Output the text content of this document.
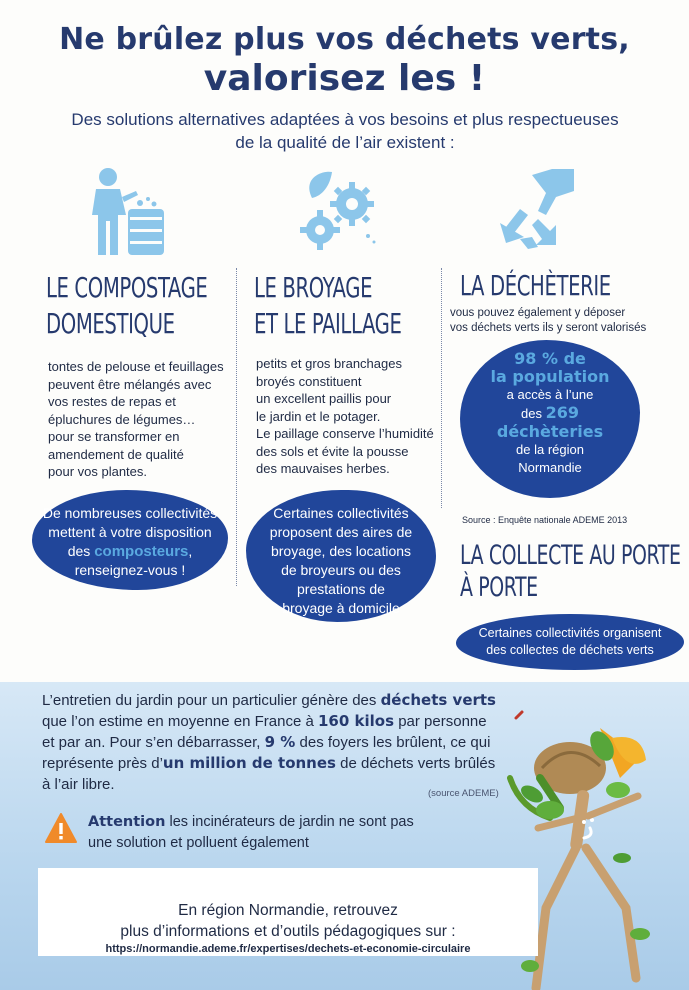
Ne brûlez plus vos déchets verts,
valorisez les !
Des solutions alternatives adaptées à vos besoins et plus respectueuses
de la qualité de l’air existent :
LE COMPOSTAGE
DOMESTIQUE
tontes de pelouse et feuillages
peuvent être mélangés avec
vos restes de repas et
épluchures de légumes…
pour se transformer en
amendement de qualité
pour vos plantes.
De nombreuses collectivités
mettent à votre disposition
des composteurs,
renseignez-vous !
LE BROYAGE
ET LE PAILLAGE
petits et gros branchages
broyés constituent
un excellent paillis pour
le jardin et le potager.
Le paillage conserve l’humidité
des sols et évite la pousse
des mauvaises herbes.
Certaines collectivités
proposent des aires de
broyage, des locations
de broyeurs ou des
prestations de
broyage à domicile
LA DÉCHÈTERIE
vous pouvez également y déposer
vos déchets verts ils y seront valorisés
98 % de
la population
a accès à l’une
des 269
déchèteries
de la région
Normandie
Source : Enquête nationale ADEME 2013
LA COLLECTE AU PORTE
À PORTE
Certaines collectivités organisent
des collectes de déchets verts
L’entretien du jardin pour un particulier génère des déchets verts
que l’on estime en moyenne en France à 160 kilos par personne
et par an. Pour s’en débarrasser, 9 % des foyers les brûlent, ce qui
représente près d’un million de tonnes de déchets verts brûlés
à l’air libre.
(source ADEME)
Attention les incinérateurs de jardin ne sont pas
une solution et polluent également
En région Normandie, retrouvez
plus d’informations et d’outils pédagogiques sur :
https://normandie.ademe.fr/expertises/dechets-et-economie-circulaire
